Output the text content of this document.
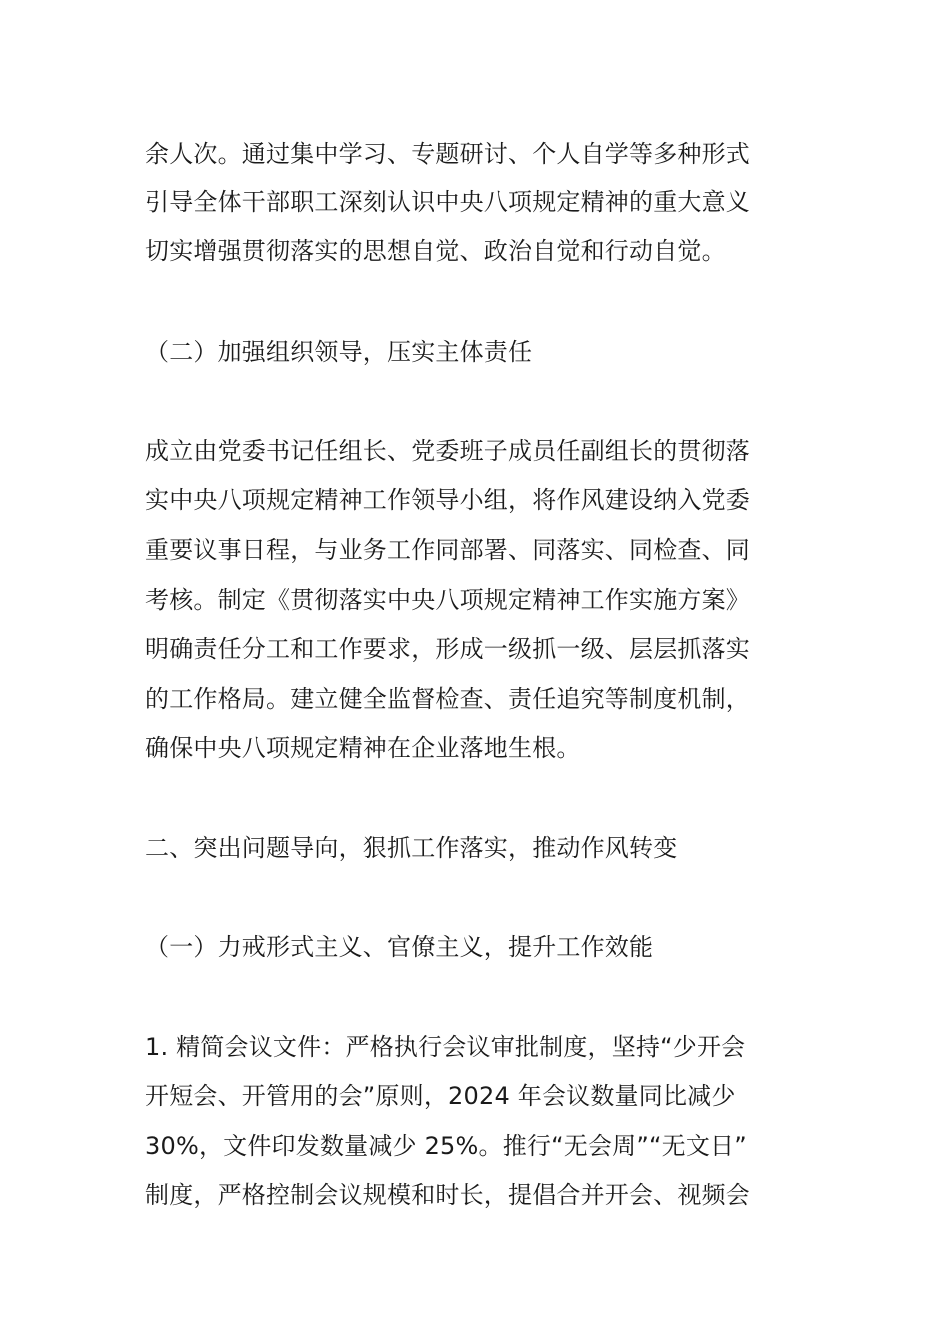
余人次。通过集中学习、专题研讨、个人自学等多种形式
引导全体干部职工深刻认识中央八项规定精神的重大意义
切实增强贯彻落实的思想自觉、政治自觉和行动自觉。
（二）加强组织领导，压实主体责任
成立由党委书记任组长、党委班子成员任副组长的贯彻落
实中央八项规定精神工作领导小组，将作风建设纳入党委
重要议事日程，与业务工作同部署、同落实、同检查、同
考核。制定《贯彻落实中央八项规定精神工作实施方案》
明确责任分工和工作要求，形成一级抓一级、层层抓落实
的工作格局。建立健全监督检查、责任追究等制度机制，
确保中央八项规定精神在企业落地生根。
二、突出问题导向，狠抓工作落实，推动作风转变
（一）力戒形式主义、官僚主义，提升工作效能
1. 精简会议文件：严格执行会议审批制度，坚持“少开会
开短会、开管用的会”原则，2024 年会议数量同比减少
30%，文件印发数量减少 25%。推行“无会周”“无文日”
制度，严格控制会议规模和时长，提倡合并开会、视频会
